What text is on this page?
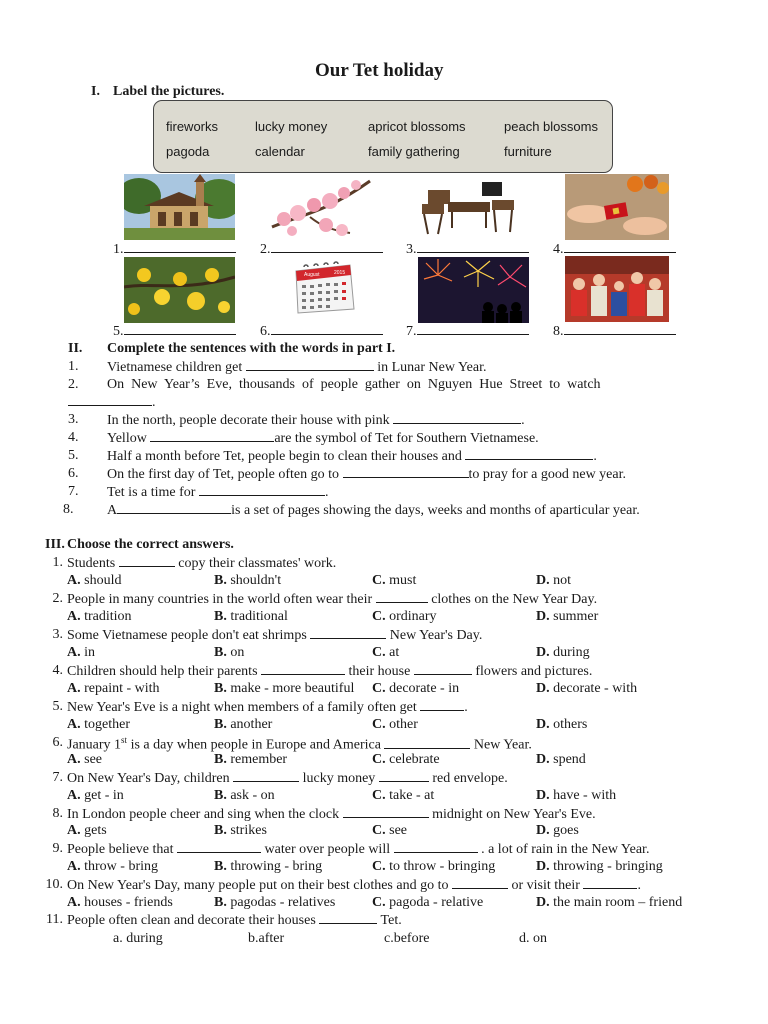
Our Tet holiday
I. Label the pictures.
fireworks	lucky money	apricot blossoms	peach blossoms
pagoda	calendar	family gathering	furniture
1.	2.	3.	4.
August	2015
5.	6.	7.	8.
II. Complete the sentences with the words in part I.
1. Vietnamese children get	in Lunar New Year.
2. On  New  Year’s  Eve,  thousands  of  people  gather  on  Nguyen  Hue  Street  to  watch
.
3. In the north, people decorate their house with pink	.
4. Yellow	are the symbol of Tet for Southern Vietnamese.
5. Half a month before Tet, people begin to clean their houses and	.
6. On the first day of Tet, people often go to	to pray for a good new year.
7. Tet is a time for	.
8. A	is a set of pages showing the days, weeks and months of aparticular year.
III. Choose the correct answers.
1. Students	copy their classmates' work.
A. should	B. shouldn't	C. must	D. not
2. People in many countries in the world often wear their	clothes on the New Year Day.
A. tradition	B. traditional	C. ordinary	D. summer
3. Some Vietnamese people don't eat shrimps	New Year's Day.
A. in	B. on	C. at	D. during
4. Children should help their parents	their house	flowers and pictures.
A. repaint - with	B. make - more beautiful C. decorate - in	D. decorate - with
5. New Year's Eve is a night when members of a family often get	.
A. together	B. another	C. other	D. others
6. January 1st is a day when people in Europe and America	New Year.
A. see	B. remember	C. celebrate	D. spend
7. On New Year's Day, children	lucky money	red envelope.
A. get - in	B. ask - on	C. take - at	D. have - with
8. In London people cheer and sing when the clock	midnight on New Year's Eve.
A. gets	B. strikes	C. see	D. goes
9. People believe that	water over people will	. a lot of rain in the New Year.
A. throw - bring	B. throwing - bring	C. to throw - bringing	D. throwing - bringing
10. On New Year's Day, many people put on their best clothes and go to	or visit their	.
A. houses - friends	B. pagodas - relatives	C. pagoda - relative	D. the main room – friend
11. People often clean and decorate their houses	Tet.
a. during	b.after	c.before	d. on
